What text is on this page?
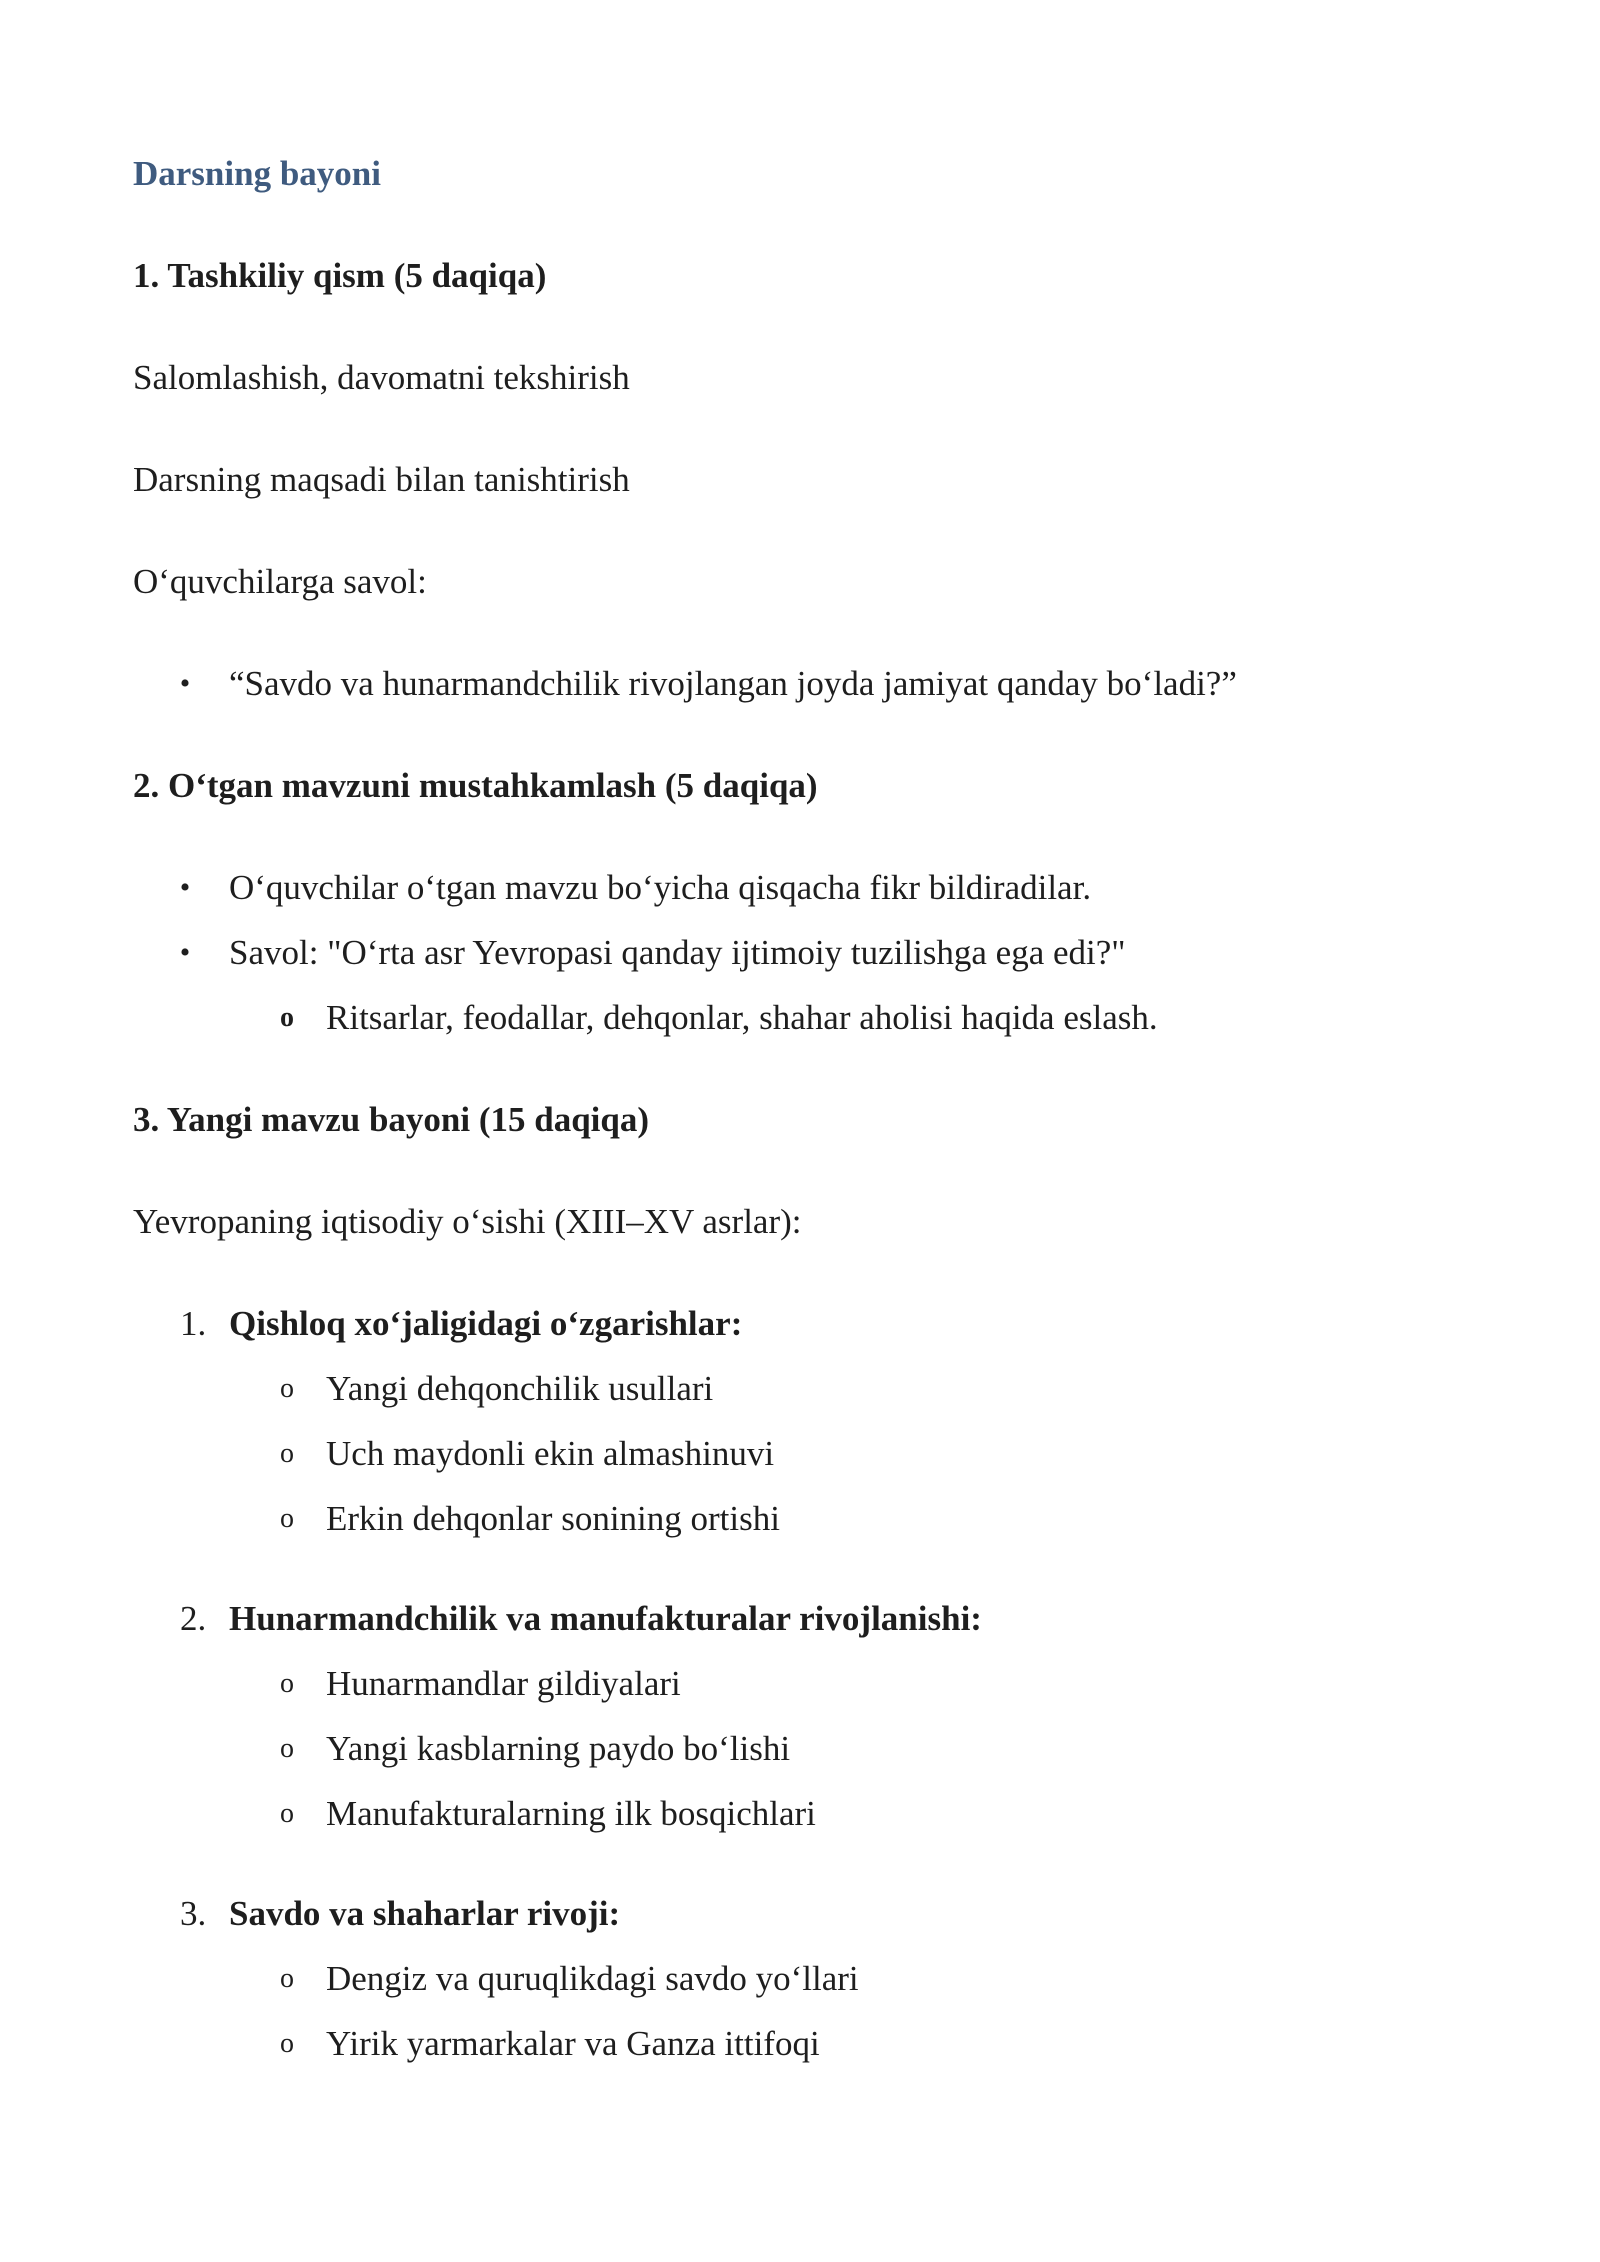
Darsning bayoni
1. Tashkiliy qism (5 daqiqa)
Salomlashish, davomatni tekshirish
Darsning maqsadi bilan tanishtirish
O‘quvchilarga savol:
• “Savdo va hunarmandchilik rivojlangan joyda jamiyat qanday bo‘ladi?”
2. O‘tgan mavzuni mustahkamlash (5 daqiqa)
• O‘quvchilar o‘tgan mavzu bo‘yicha qisqacha fikr bildiradilar.
• Savol: "O‘rta asr Yevropasi qanday ijtimoiy tuzilishga ega edi?"
o Ritsarlar, feodallar, dehqonlar, shahar aholisi haqida eslash.
3. Yangi mavzu bayoni (15 daqiqa)
Yevropaning iqtisodiy o‘sishi (XIII–XV asrlar):
1. Qishloq xo‘jaligidagi o‘zgarishlar:
o Yangi dehqonchilik usullari
o Uch maydonli ekin almashinuvi
o Erkin dehqonlar sonining ortishi
2. Hunarmandchilik va manufakturalar rivojlanishi:
o Hunarmandlar gildiyalari
o Yangi kasblarning paydo bo‘lishi
o Manufakturalarning ilk bosqichlari
3. Savdo va shaharlar rivoji:
o Dengiz va quruqlikdagi savdo yo‘llari
o Yirik yarmarkalar va Ganza ittifoqi
